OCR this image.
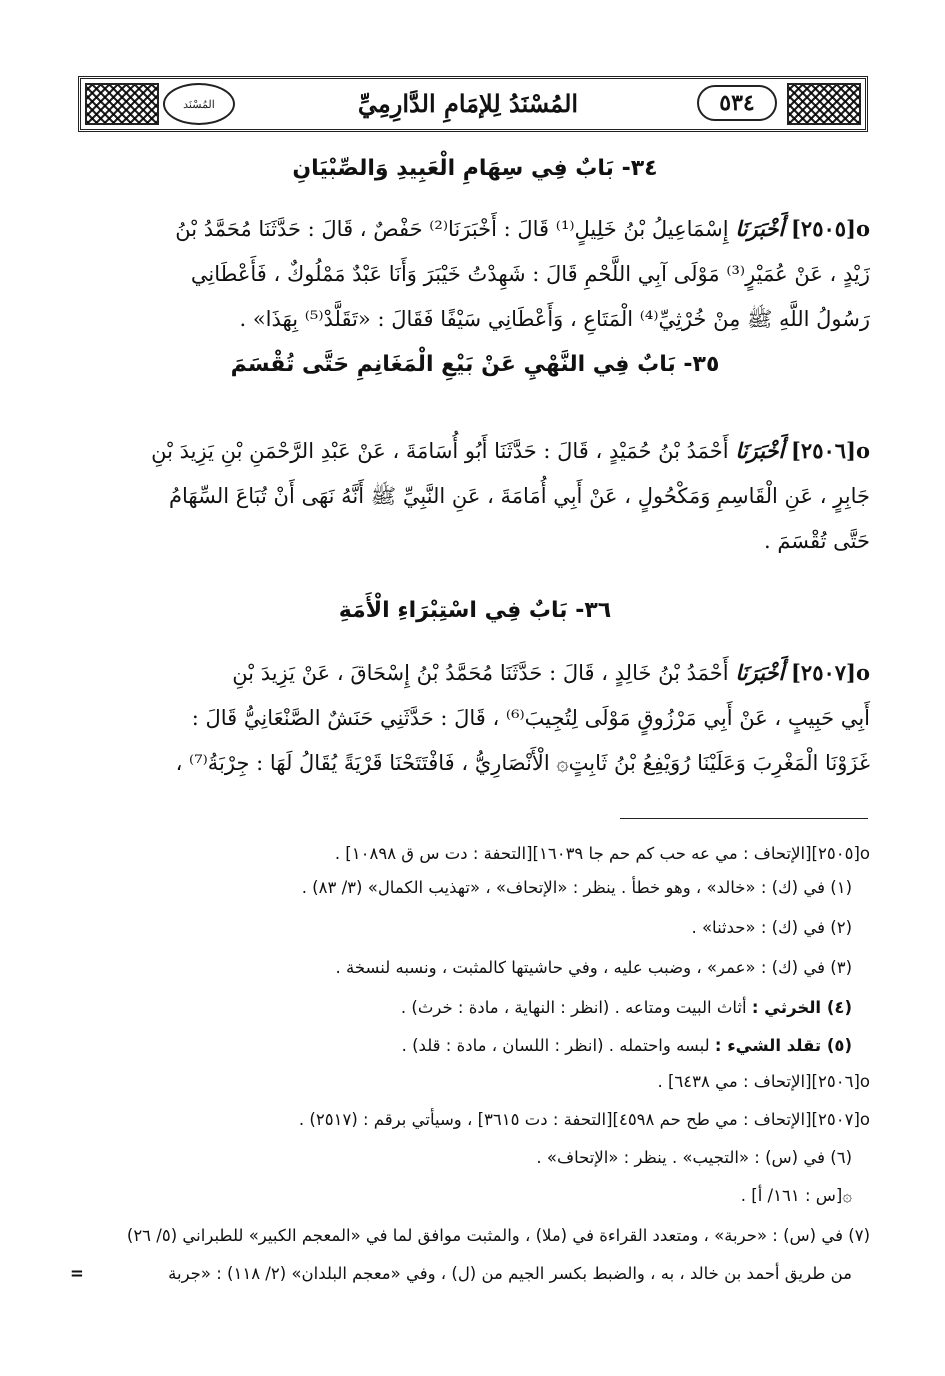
المُسْنَد	المُسْنَدُ لِلإمَامِ الدَّارِمِيِّ	٥٣٤
٣٤- بَابٌ فِي سِهَامِ الْعَبِيدِ وَالصِّبْيَانِ
o[٢٥٠٥] أَخْبَرَنَا إِسْمَاعِيلُ بْنُ خَلِيلٍ⁽¹⁾ قَالَ : أَخْبَرَنَا⁽²⁾ حَفْصٌ ، قَالَ : حَدَّثَنَا مُحَمَّدُ بْنُ
زَيْدٍ ، عَنْ عُمَيْرٍ⁽³⁾ مَوْلَى آبِي اللَّحْمِ قَالَ : شَهِدْتُ خَيْبَرَ وَأَنَا عَبْدٌ مَمْلُوكٌ ، فَأَعْطَانِي
رَسُولُ اللَّهِ ﷺ مِنْ خُرْثِيِّ⁽⁴⁾ الْمَتَاعِ ، وَأَعْطَانِي سَيْفًا فَقَالَ : «تَقَلَّدْ⁽⁵⁾ بِهَذَا» .
٣٥- بَابٌ فِي النَّهْيِ عَنْ بَيْعِ الْمَغَانِمِ حَتَّى تُقْسَمَ
o[٢٥٠٦] أَخْبَرَنَا أَحْمَدُ بْنُ حُمَيْدٍ ، قَالَ : حَدَّثَنَا أَبُو أُسَامَةَ ، عَنْ عَبْدِ الرَّحْمَنِ بْنِ يَزِيدَ بْنِ
جَابِرٍ ، عَنِ الْقَاسِمِ وَمَكْحُولٍ ، عَنْ أَبِي أُمَامَةَ ، عَنِ النَّبِيِّ ﷺ أَنَّهُ نَهَى أَنْ تُبَاعَ السِّهَامُ
حَتَّى تُقْسَمَ .
٣٦- بَابٌ فِي اسْتِبْرَاءِ الْأَمَةِ
o[٢٥٠٧] أَخْبَرَنَا أَحْمَدُ بْنُ خَالِدٍ ، قَالَ : حَدَّثَنَا مُحَمَّدُ بْنُ إِسْحَاقَ ، عَنْ يَزِيدَ بْنِ
أَبِي حَبِيبٍ ، عَنْ أَبِي مَرْزُوقٍ مَوْلَى لِتُجِيبَ⁽⁶⁾ ، قَالَ : حَدَّثَنِي حَنَشٌ الصَّنْعَانِيُّ قَالَ :
غَزَوْنَا الْمَغْرِبَ وَعَلَيْنَا رُوَيْفِعُ بْنُ ثَابِتٍ۞ الْأَنْصَارِيُّ ، فَافْتَتَحْنَا قَرْيَةً يُقَالُ لَهَا : جِرْبَةُ⁽⁷⁾ ،
o[٢٥٠٥][الإتحاف : مي عه حب كم حم جا ١٦٠٣٩][التحفة : دت س ق ١٠٨٩٨] .
(١) في (ك) : «خالد» ، وهو خطأ . ينظر : «الإتحاف» ، «تهذيب الكمال» (٣/ ٨٣) .
(٢) في (ك) : «حدثنا» .
(٣) في (ك) : «عمر» ، وضبب عليه ، وفي حاشيتها كالمثبت ، ونسبه لنسخة .
(٤) الخرثي : أثاث البيت ومتاعه . (انظر : النهاية ، مادة : خرث) .
(٥) تقلد الشيء : لبسه واحتمله . (انظر : اللسان ، مادة : قلد) .
o[٢٥٠٦][الإتحاف : مي ٦٤٣٨] .
o[٢٥٠٧][الإتحاف : مي طح حم ٤٥٩٨][التحفة : دت ٣٦١٥] ، وسيأتي برقم : (٢٥١٧) .
(٦) في (س) : «التجيب» . ينظر : «الإتحاف» .
۞[س : ١٦١/ أ] .
(٧) في (س) : «حربة» ، ومتعدد القراءة في (ملا) ، والمثبت موافق لما في «المعجم الكبير» للطبراني (٥/ ٢٦)
من طريق أحمد بن خالد ، به ، والضبط بكسر الجيم من (ل) ، وفي «معجم البلدان» (٢/ ١١٨) : «جربة
=
